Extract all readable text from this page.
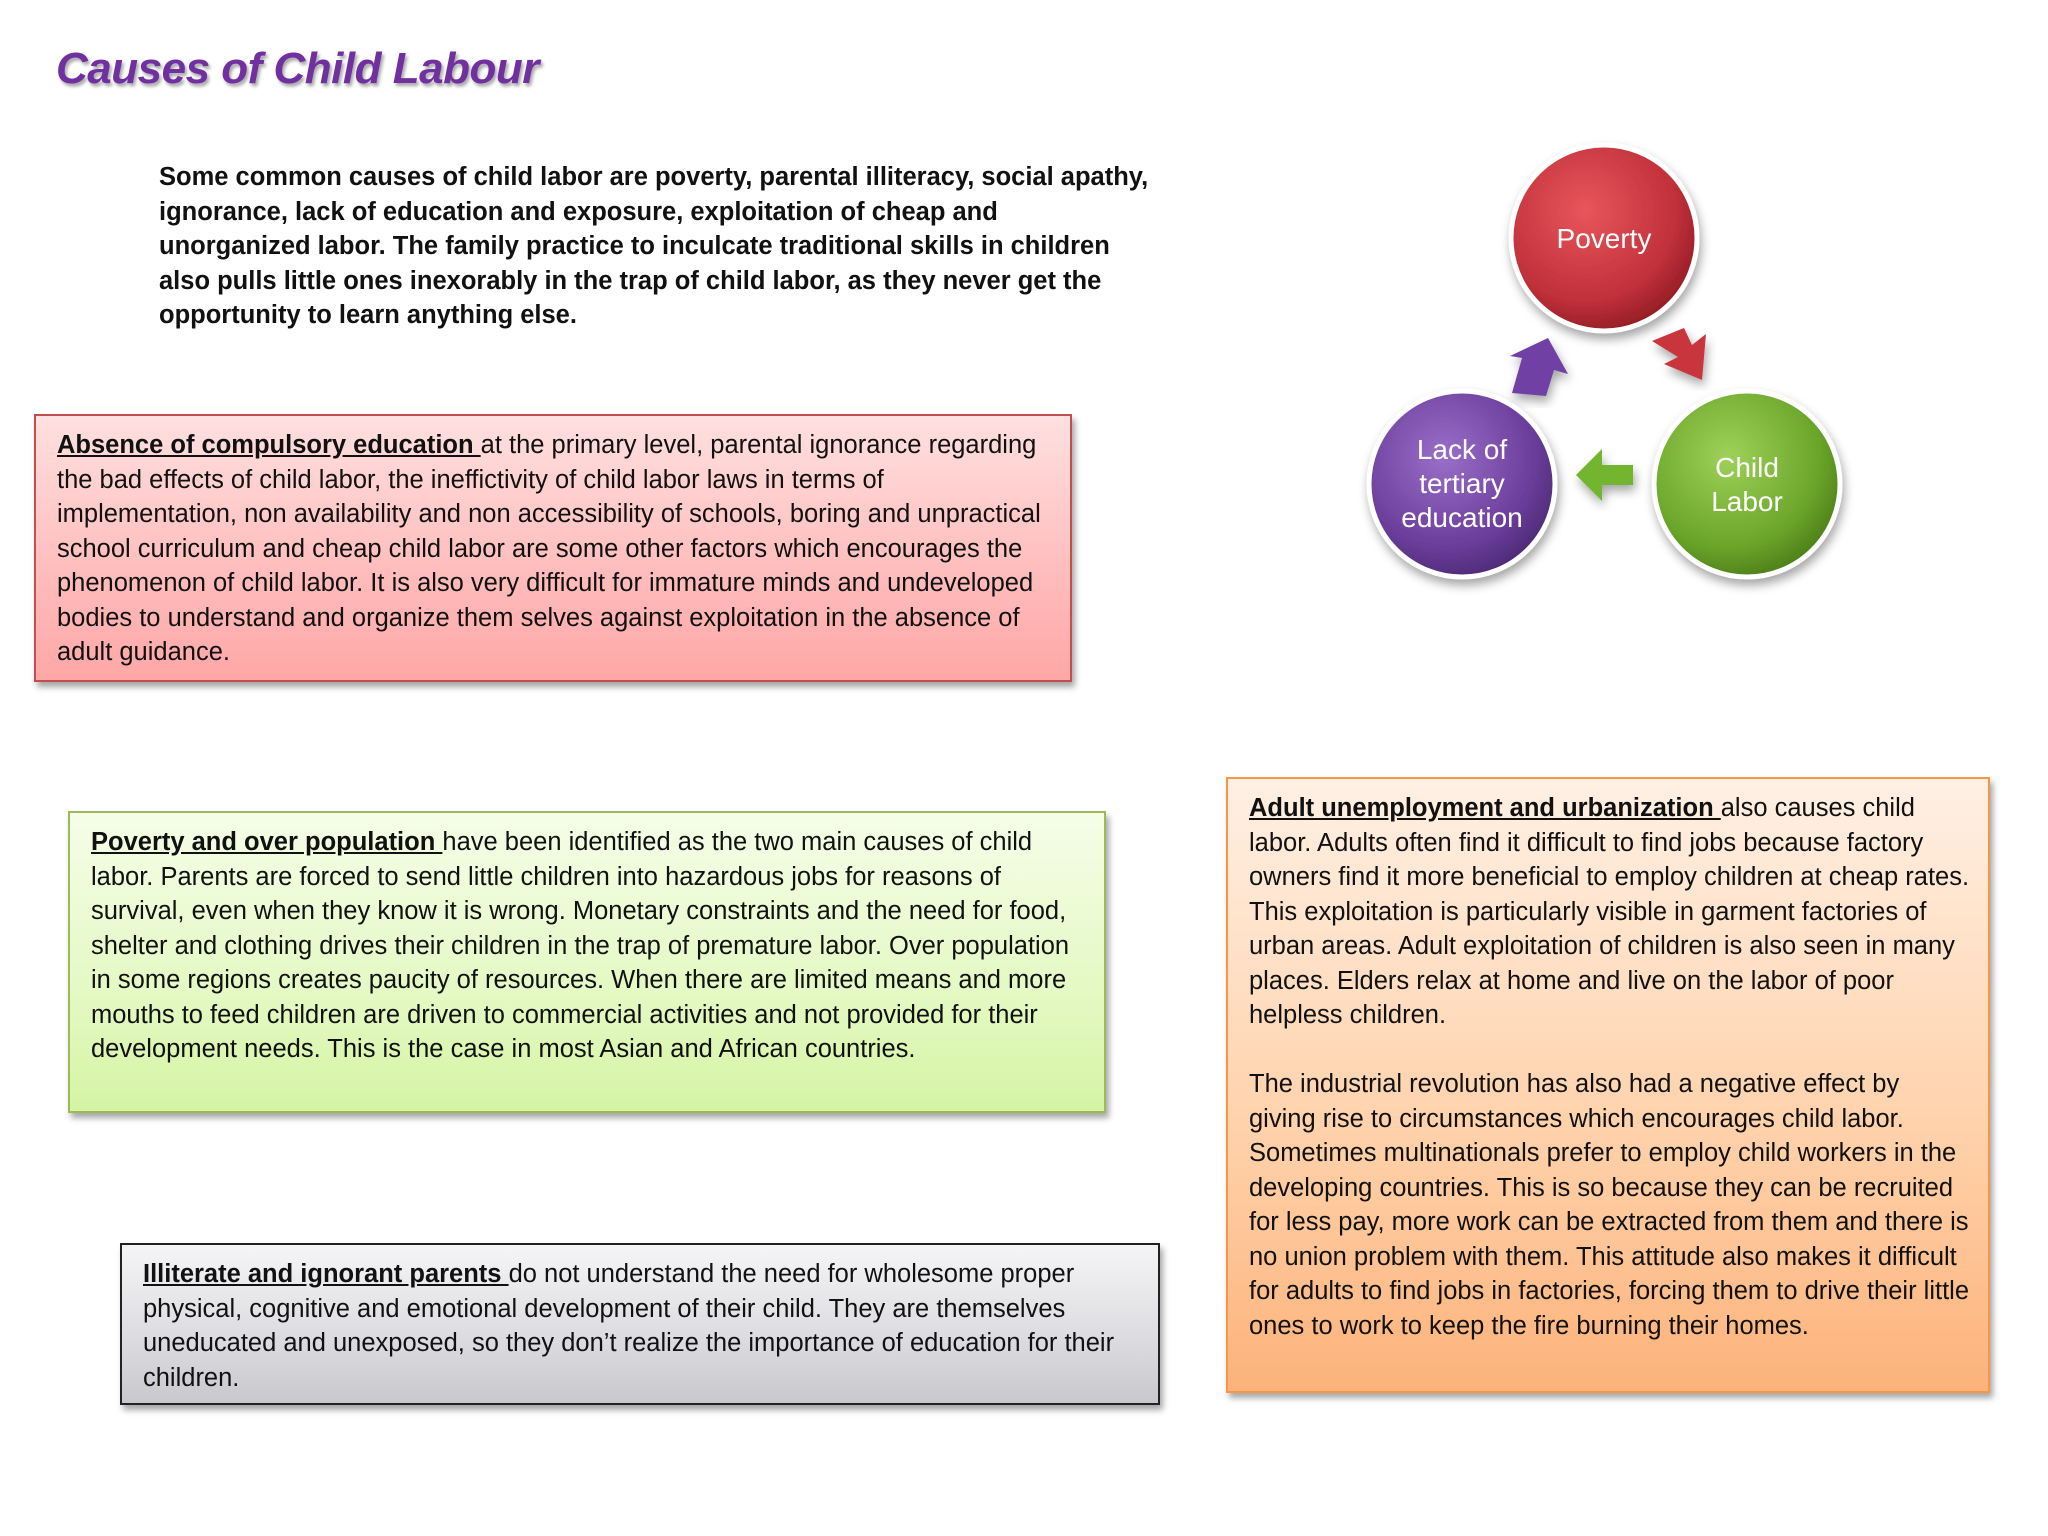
Causes of Child Labour

Some common causes of child labor are poverty, parental illiteracy, social apathy, ignorance, lack of education and exposure, exploitation of cheap and unorganized labor. The family practice to inculcate traditional skills in children also pulls little ones inexorably in the trap of child labor, as they never get the opportunity to learn anything else.

Poverty
Child
Labor
Lack of
tertiary
education

Absence of compulsory education at the primary level, parental ignorance regarding the bad effects of child labor, the ineffictivity of child labor laws in terms of implementation, non availability and non accessibility of schools, boring and unpractical school curriculum and cheap child labor are some other factors which encourages the phenomenon of child labor. It is also very difficult for immature minds and undeveloped bodies to understand and organize them selves against exploitation in the absence of adult guidance.

Poverty and over population have been identified as the two main causes of child labor. Parents are forced to send little children into hazardous jobs for reasons of survival, even when they know it is wrong. Monetary constraints and the need for food, shelter and clothing drives their children in the trap of premature labor. Over population in some regions creates paucity of resources. When there are limited means and more mouths to feed children are driven to commercial activities and not provided for their development needs. This is the case in most Asian and African countries.

Illiterate and ignorant parents do not understand the need for wholesome proper physical, cognitive and emotional development of their child. They are themselves uneducated and unexposed, so they don’t realize the importance of education for their children.

Adult unemployment and urbanization also causes child labor. Adults often find it difficult to find jobs because factory owners find it more beneficial to employ children at cheap rates. This exploitation is particularly visible in garment factories of urban areas. Adult exploitation of children is also seen in many places. Elders relax at home and live on the labor of poor helpless children.

The industrial revolution has also had a negative effect by giving rise to circumstances which encourages child labor. Sometimes multinationals prefer to employ child workers in the developing countries. This is so because they can be recruited for less pay, more work can be extracted from them and there is no union problem with them. This attitude also makes it difficult for adults to find jobs in factories, forcing them to drive their little ones to work to keep the fire burning their homes.
